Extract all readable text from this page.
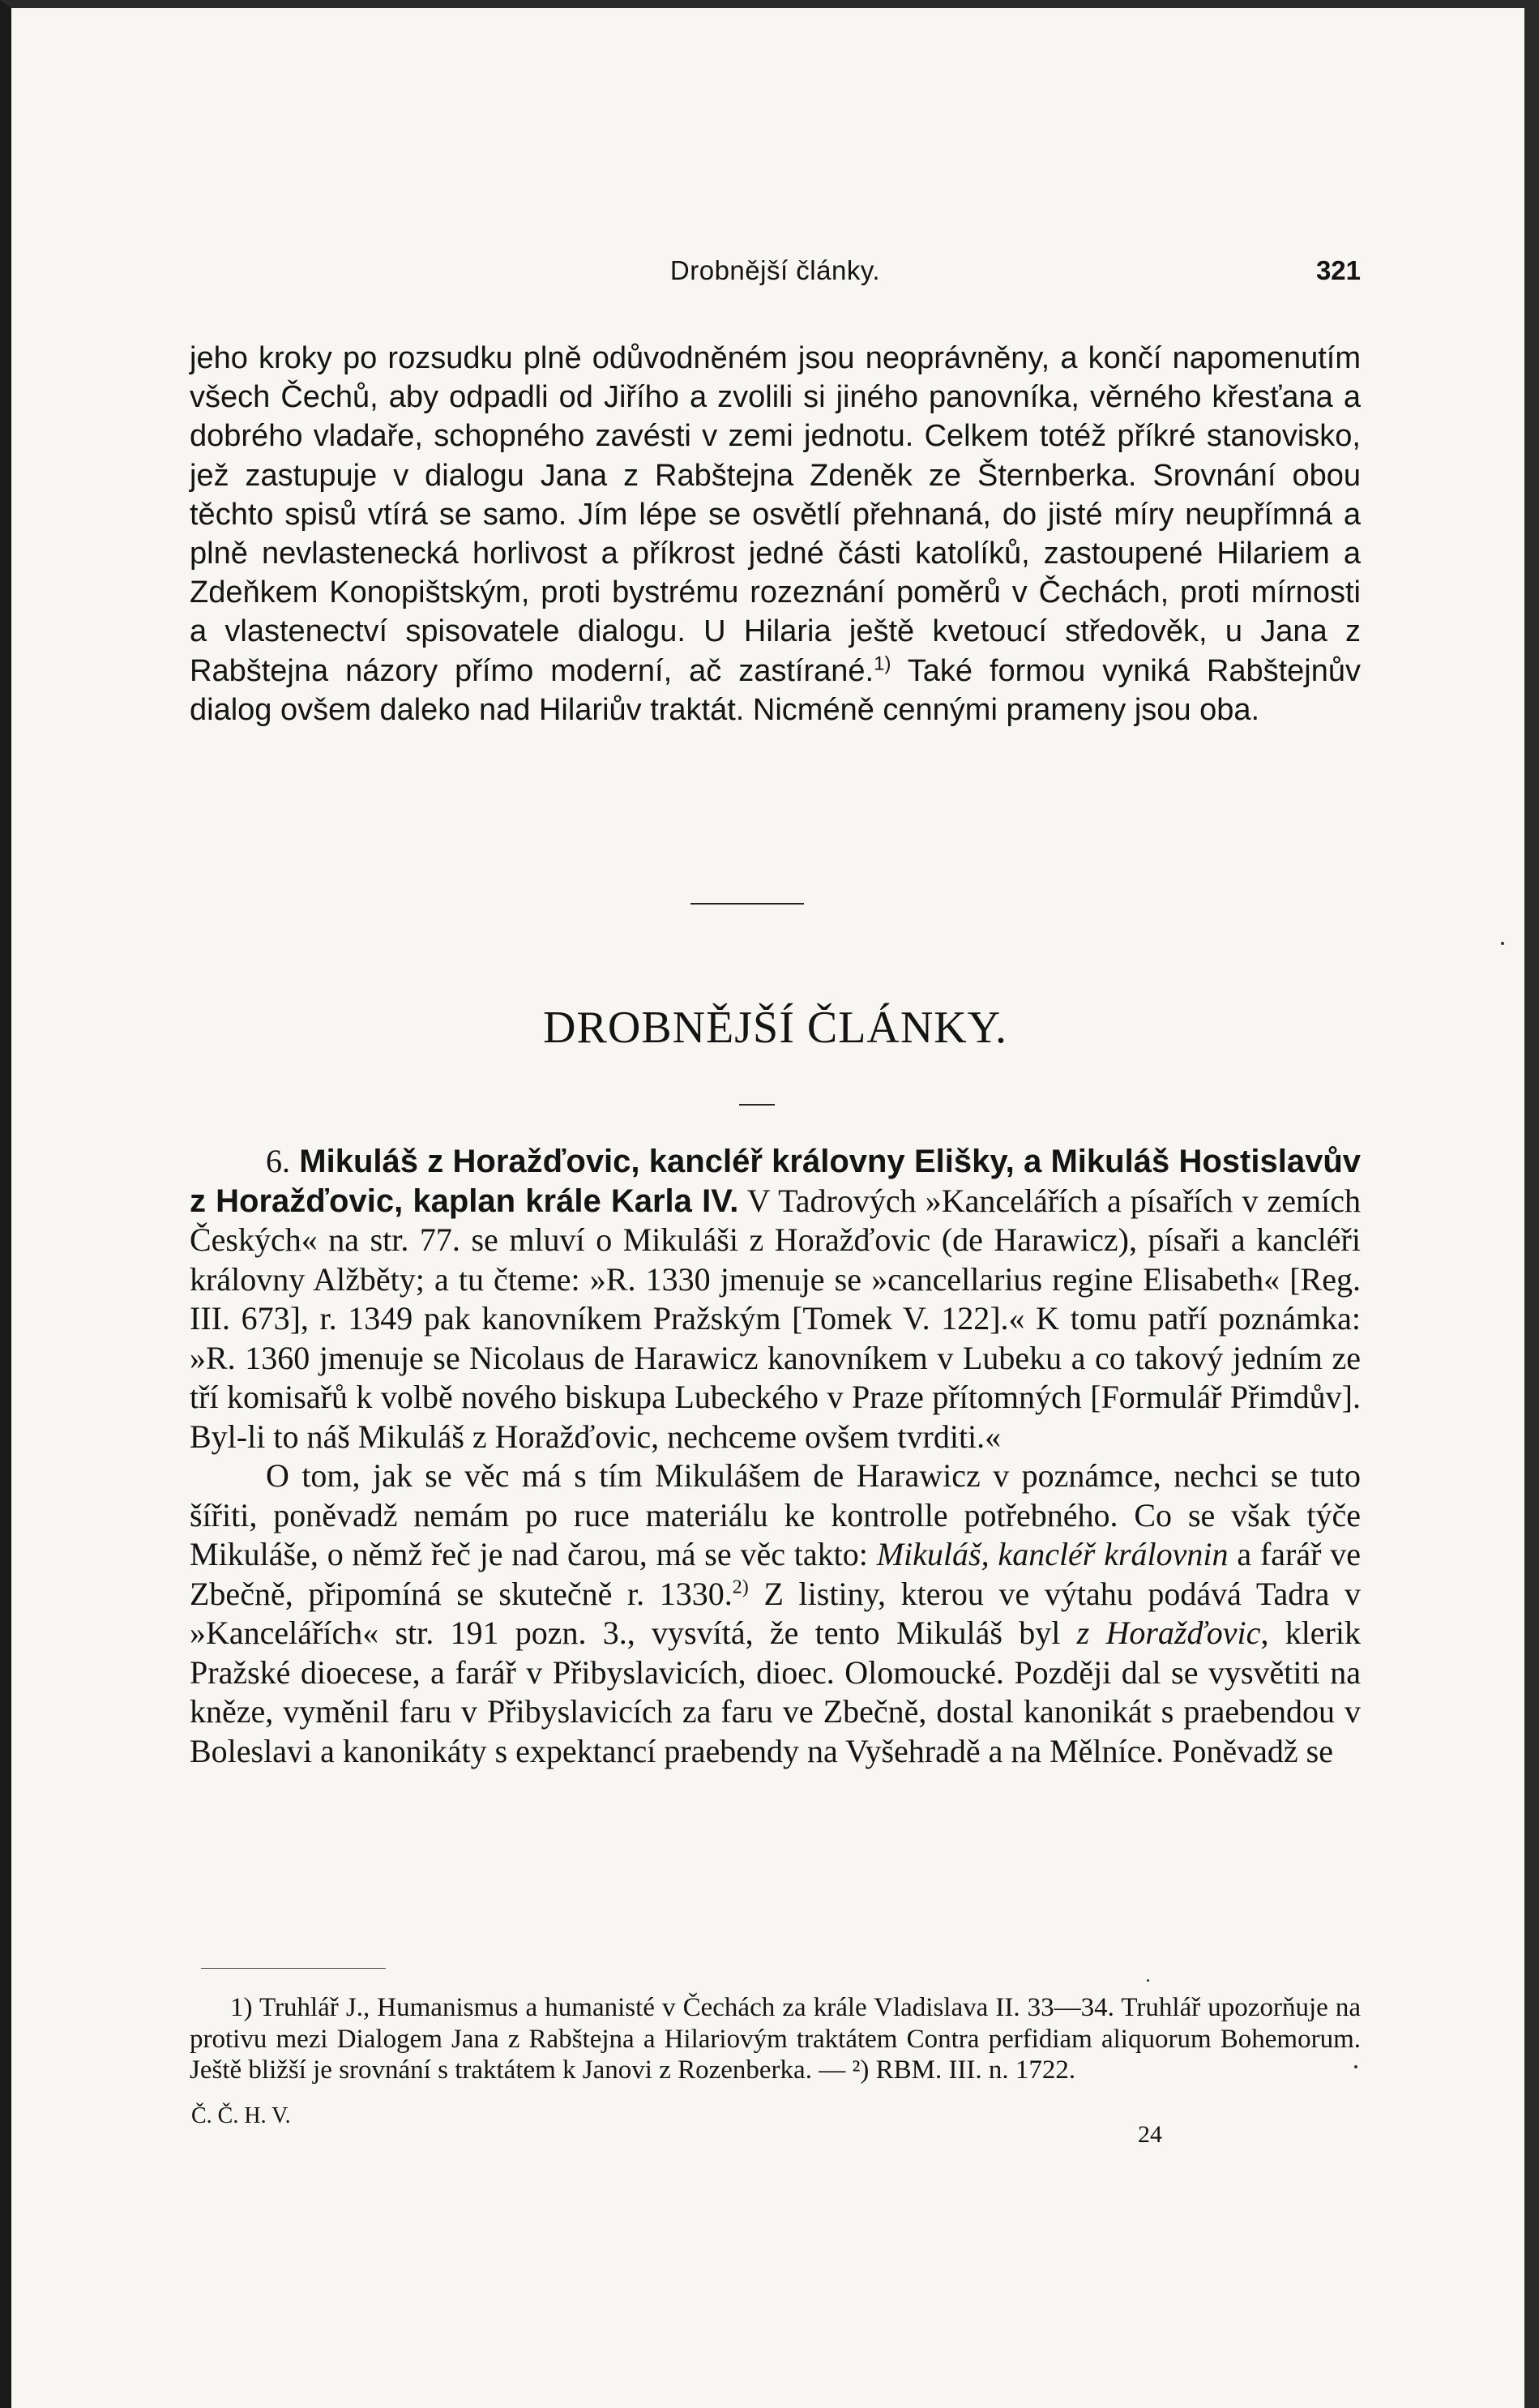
Drobnější články.	321

jeho kroky po rozsudku plně odůvodněném jsou neoprávněny, a končí napomenutím všech Čechů, aby odpadli od Jiřího a zvolili si jiného panovníka, věrného křesťana a dobrého vladaře, schopného zavésti v zemi jednotu. Celkem totéž příkré stanovisko, jež zastupuje v dialogu Jana z Rabštejna Zdeněk ze Šternberka. Srovnání obou těchto spisů vtírá se samo. Jím lépe se osvětlí přehnaná, do jisté míry neupřímná a plně nevlastenecká horlivost a příkrost jedné části katolíků, zastoupené Hilariem a Zdeňkem Konopištským, proti bystrému rozeznání poměrů v Čechách, proti mírnosti a vlastenectví spisovatele dialogu. U Hilaria ještě kvetoucí středověk, u Jana z Rabštejna názory přímo moderní, ač zastírané.$^{1)}$ Také formou vyniká Rabštejnův dialog ovšem daleko nad Hilariův traktát. Nicméně cennými prameny jsou oba.

DROBNĚJŠÍ ČLÁNKY.

6. Mikuláš z Horažďovic, kancléř královny Elišky, a Mikuláš Hostislavův z Horažďovic, kaplan krále Karla IV. V Tadrových »Kancelářích a písařích v zemích Českých« na str. 77. se mluví o Mikuláši z Horažďovic (de Harawicz), písaři a kancléři královny Alžběty; a tu čteme: »R. 1330 jmenuje se »cancellarius regine Elisabeth« [Reg. III. 673], r. 1349 pak kanovníkem Pražským [Tomek V. 122].« K tomu patří poznámka: »R. 1360 jmenuje se Nicolaus de Harawicz kanovníkem v Lubeku a co takový jedním ze tří komisařů k volbě nového biskupa Lubeckého v Praze přítomných [Formulář Přimdův]. Byl-li to náš Mikuláš z Horažďovic, nechceme ovšem tvrditi.«

O tom, jak se věc má s tím Mikulášem de Harawicz v poznámce, nechci se tuto šířiti, poněvadž nemám po ruce materiálu ke kontrolle potřebného. Co se však týče Mikuláše, o němž řeč je nad čarou, má se věc takto: Mikuláš, kancléř královnin a farář ve Zbečně, připomíná se skutečně r. 1330.$^{2)}$ Z listiny, kterou ve výtahu podává Tadra v »Kancelářích« str. 191 pozn. 3., vysvítá, že tento Mikuláš byl z Horažďovic, klerik Pražské dioecese, a farář v Přibyslavicích, dioec. Olomoucké. Později dal se vysvětiti na kněze, vyměnil faru v Přibyslavicích za faru ve Zbečně, dostal kanonikát s praebendou v Boleslavi a kanonikáty s expektancí praebendy na Vyšehradě a na Mělníce. Poněvadž se

1) Truhlář J., Humanismus a humanisté v Čechách za krále Vladislava II. 33—34. Truhlář upozorňuje na protivu mezi Dialogem Jana z Rabštejna a Hilariovým traktátem Contra perfidiam aliquorum Bohemorum. Ještě bližší je srovnání s traktátem k Janovi z Rozenberka. — ²) RBM. III. n. 1722.

Č. Č. H. V.
24
